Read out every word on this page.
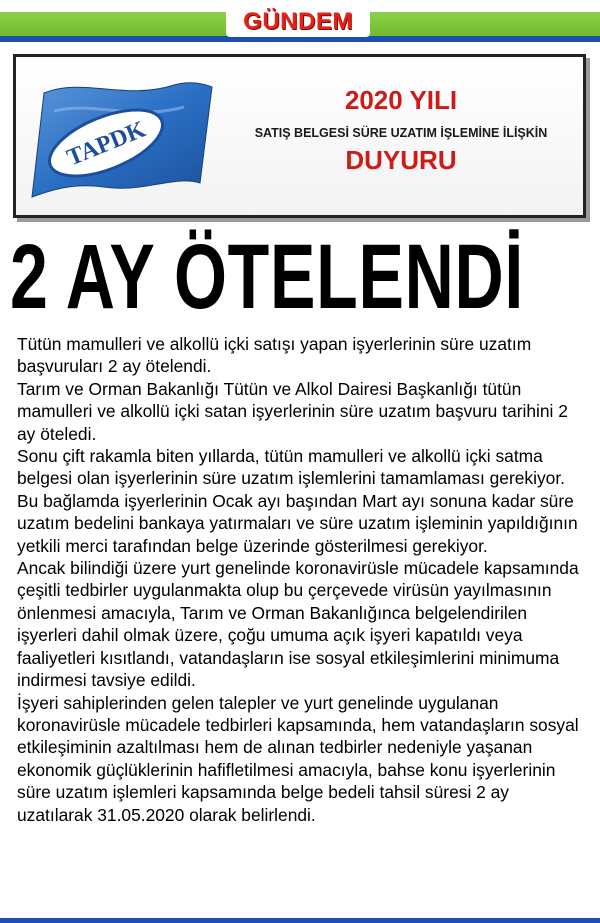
GÜNDEM
TAPDK
2020 YILI
SATIŞ BELGESİ SÜRE UZATIM İŞLEMİNE İLİŞKİN
DUYURU
2 AY ÖTELENDİ

Tütün mamulleri ve alkollü içki satışı yapan işyerlerinin süre uzatım başvuruları 2 ay ötelendi.

Tarım ve Orman Bakanlığı Tütün ve Alkol Dairesi Başkanlığı tütün mamulleri ve alkollü içki satan işyerlerinin süre uzatım başvuru tarihini 2 ay öteledi.

Sonu çift rakamla biten yıllarda, tütün mamulleri ve alkollü içki satma belgesi olan işyerlerinin süre uzatım işlemlerini tamamlaması gerekiyor. Bu bağlamda işyerlerinin Ocak ayı başından Mart ayı sonuna kadar süre uzatım bedelini bankaya yatırmaları ve süre uzatım işleminin yapıldığının yetkili merci tarafından belge üzerinde gösterilmesi gerekiyor.

Ancak bilindiği üzere yurt genelinde koronavirüsle mücadele kapsamında çeşitli tedbirler uygulanmakta olup bu çerçevede virüsün yayılmasının önlenmesi amacıyla, Tarım ve Orman Bakanlığınca belgelendirilen işyerleri dahil olmak üzere, çoğu umuma açık işyeri kapatıldı veya faaliyetleri kısıtlandı, vatandaşların ise sosyal etkileşimlerini minimuma indirmesi tavsiye edildi.

İşyeri sahiplerinden gelen talepler ve yurt genelinde uygulanan koronavirüsle mücadele tedbirleri kapsamında, hem vatandaşların sosyal etkileşiminin azaltılması hem de alınan tedbirler nedeniyle yaşanan ekonomik güçlüklerinin hafifletilmesi amacıyla, bahse konu işyerlerinin süre uzatım işlemleri kapsamında belge bedeli tahsil süresi 2 ay uzatılarak 31.05.2020 olarak belirlendi.
